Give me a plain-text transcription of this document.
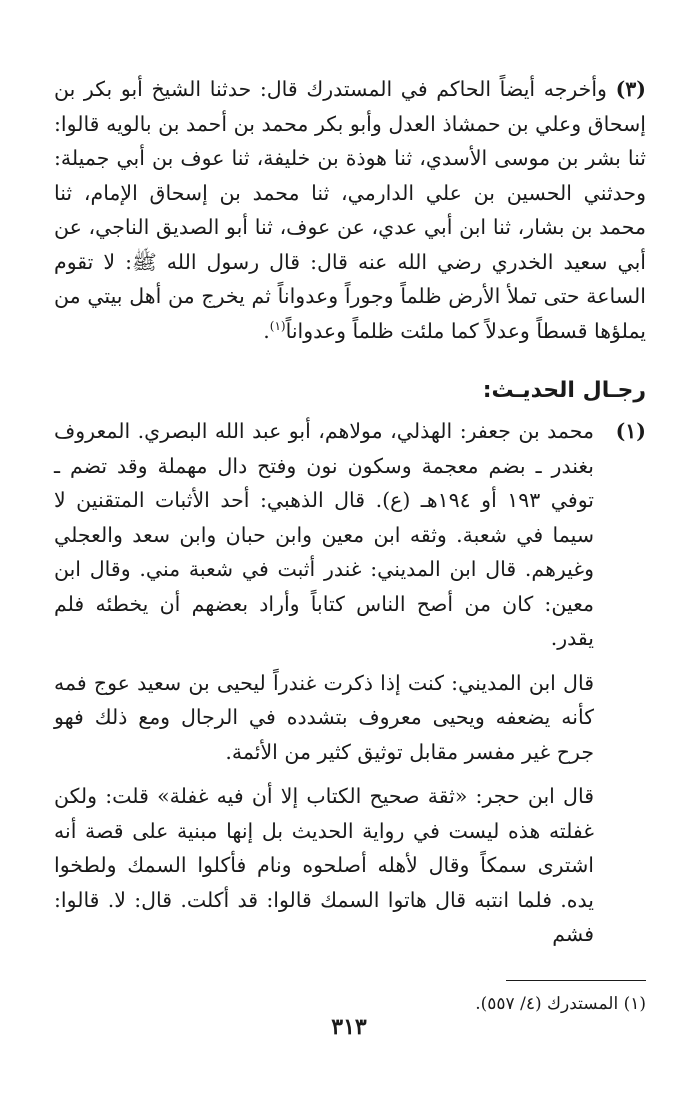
(٣) وأخرجه أيضاً الحاكم في المستدرك قال: حدثنا الشيخ أبو بكر بن إسحاق وعلي بن حمشاذ العدل وأبو بكر محمد بن أحمد بن بالويه قالوا: ثنا بشر بن موسى الأسدي، ثنا هوذة بن خليفة، ثنا عوف بن أبي جميلة: وحدثني الحسين بن علي الدارمي، ثنا محمد بن إسحاق الإمام، ثنا محمد بن بشار، ثنا ابن أبي عدي، عن عوف، ثنا أبو الصديق الناجي، عن أبي سعيد الخدري رضي الله عنه قال: قال رسول الله ﷺ: لا تقوم الساعة حتى تملأ الأرض ظلماً وجوراً وعدواناً ثم يخرج من أهل بيتي من يملؤها قسطاً وعدلاً كما ملئت ظلماً وعدواناً$^{(١)}$.

رجـال الحديـث:
(١)

محمد بن جعفر: الهذلي، مولاهم، أبو عبد الله البصري. المعروف بغندر ـ بضم معجمة وسكون نون وفتح دال مهملة وقد تضم ـ توفي ١٩٣ أو ١٩٤هـ (ع). قال الذهبي: أحد الأثبات المتقنين لا سيما في شعبة. وثقه ابن معين وابن حبان وابن سعد والعجلي وغيرهم. قال ابن المديني: غندر أثبت في شعبة مني. وقال ابن معين: كان من أصح الناس كتاباً وأراد بعضهم أن يخطئه فلم يقدر.

قال ابن المديني: كنت إذا ذكرت غندراً ليحيى بن سعيد عوج فمه كأنه يضعفه ويحيى معروف بتشدده في الرجال ومع ذلك فهو جرح غير مفسر مقابل توثيق كثير من الأئمة.

قال ابن حجر: «ثقة صحيح الكتاب إلا أن فيه غفلة» قلت: ولكن غفلته هذه ليست في رواية الحديث بل إنها مبنية على قصة أنه اشترى سمكاً وقال لأهله أصلحوه ونام فأكلوا السمك ولطخوا يده. فلما انتبه قال هاتوا السمك قالوا: قد أكلت. قال: لا. قالوا: فشم

(١) المستدرك (٤/ ٥٥٧).

٣١٣
